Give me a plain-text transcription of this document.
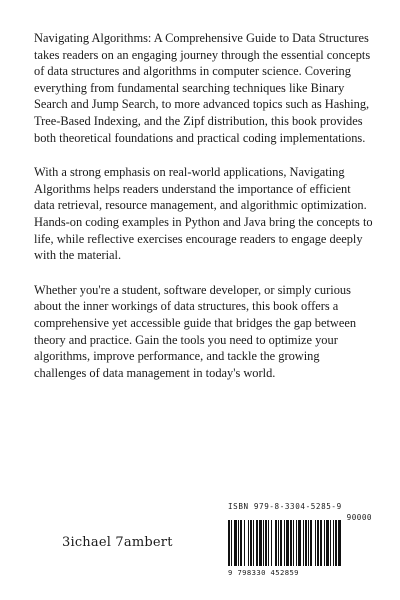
Navigating Algorithms: A Comprehensive Guide to Data Structures takes readers on an engaging journey through the essential concepts of data structures and algorithms in computer science. Covering everything from fundamental searching techniques like Binary Search and Jump Search, to more advanced topics such as Hashing, Tree-Based Indexing, and the Zipf distribution, this book provides both theoretical foundations and practical coding implementations.

With a strong emphasis on real-world applications, Navigating Algorithms helps readers understand the importance of efficient data retrieval, resource management, and algorithmic optimization. Hands-on coding examples in Python and Java bring the concepts to life, while reflective exercises encourage readers to engage deeply with the material.

Whether you're a student, software developer, or simply curious about the inner workings of data structures, this book offers a comprehensive yet accessible guide that bridges the gap between theory and practice. Gain the tools you need to optimize your algorithms, improve performance, and tackle the growing challenges of data management in today's world.

3ichael 7ambert
ISBN 979-8-3304-5285-9
90000
9 798330 452859
